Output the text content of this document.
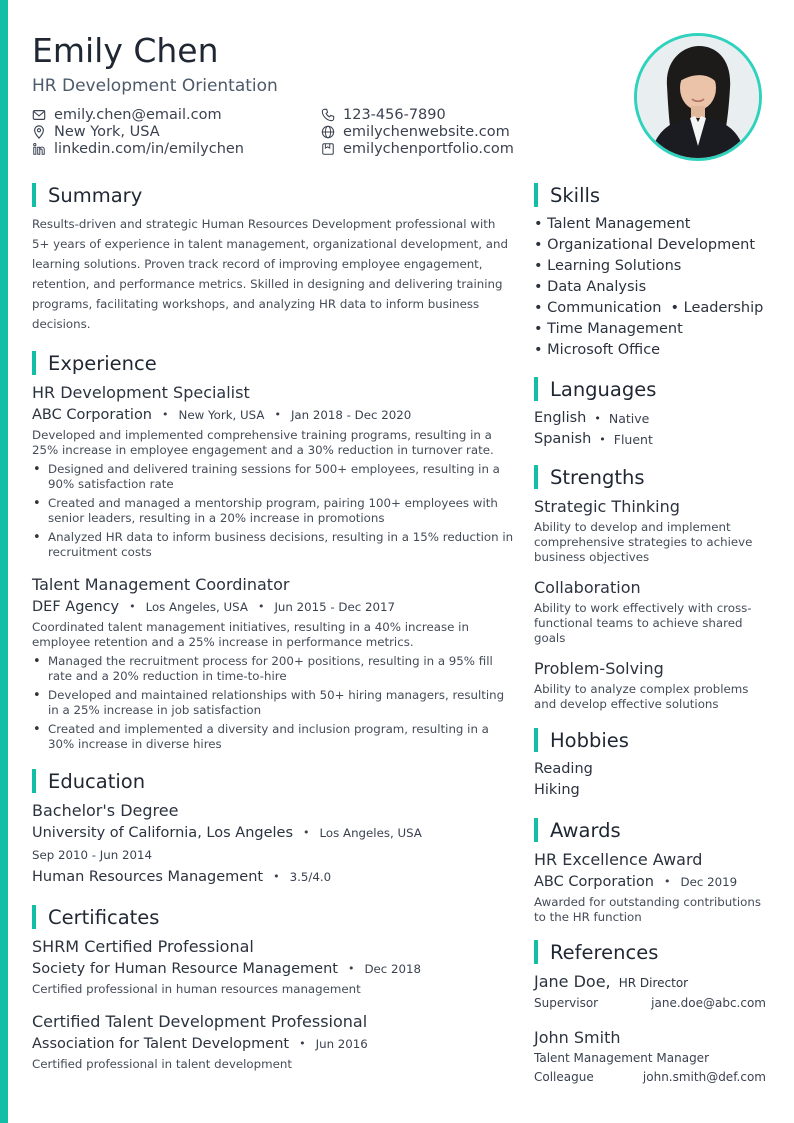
Emily Chen
HR Development Orientation
emily.chen@email.com	123-456-7890
New York, USA	emilychenwebsite.com
linkedin.com/in/emilychen	emilychenportfolio.com
Summary
Results-driven and strategic Human Resources Development professional with 5+ years of experience in talent management, organizational development, and learning solutions. Proven track record of improving employee engagement, retention, and performance metrics. Skilled in designing and delivering training programs, facilitating workshops, and analyzing HR data to inform business decisions.
Experience
HR Development Specialist
ABC Corporation • New York, USA • Jan 2018 - Dec 2020
Developed and implemented comprehensive training programs, resulting in a 25% increase in employee engagement and a 30% reduction in turnover rate.
• Designed and delivered training sessions for 500+ employees, resulting in a 90% satisfaction rate
• Created and managed a mentorship program, pairing 100+ employees with senior leaders, resulting in a 20% increase in promotions
• Analyzed HR data to inform business decisions, resulting in a 15% reduction in recruitment costs
Talent Management Coordinator
DEF Agency • Los Angeles, USA • Jun 2015 - Dec 2017
Coordinated talent management initiatives, resulting in a 40% increase in employee retention and a 25% increase in performance metrics.
• Managed the recruitment process for 200+ positions, resulting in a 95% fill rate and a 20% reduction in time-to-hire
• Developed and maintained relationships with 50+ hiring managers, resulting in a 25% increase in job satisfaction
• Created and implemented a diversity and inclusion program, resulting in a 30% increase in diverse hires
Education
Bachelor's Degree
University of California, Los Angeles • Los Angeles, USA
Sep 2010 - Jun 2014
Human Resources Management • 3.5/4.0
Certificates
SHRM Certified Professional
Society for Human Resource Management • Dec 2018
Certified professional in human resources management
Certified Talent Development Professional
Association for Talent Development • Jun 2016
Certified professional in talent development
Skills
• Talent Management
• Organizational Development
• Learning Solutions
• Data Analysis
• Communication • Leadership
• Time Management
• Microsoft Office
Languages
English • Native
Spanish • Fluent
Strengths
Strategic Thinking
Ability to develop and implement comprehensive strategies to achieve business objectives
Collaboration
Ability to work effectively with cross-functional teams to achieve shared goals
Problem-Solving
Ability to analyze complex problems and develop effective solutions
Hobbies
Reading
Hiking
Awards
HR Excellence Award
ABC Corporation • Dec 2019
Awarded for outstanding contributions to the HR function
References
Jane Doe, HR Director
Supervisor	jane.doe@abc.com
John Smith
Talent Management Manager
Colleague	john.smith@def.com
